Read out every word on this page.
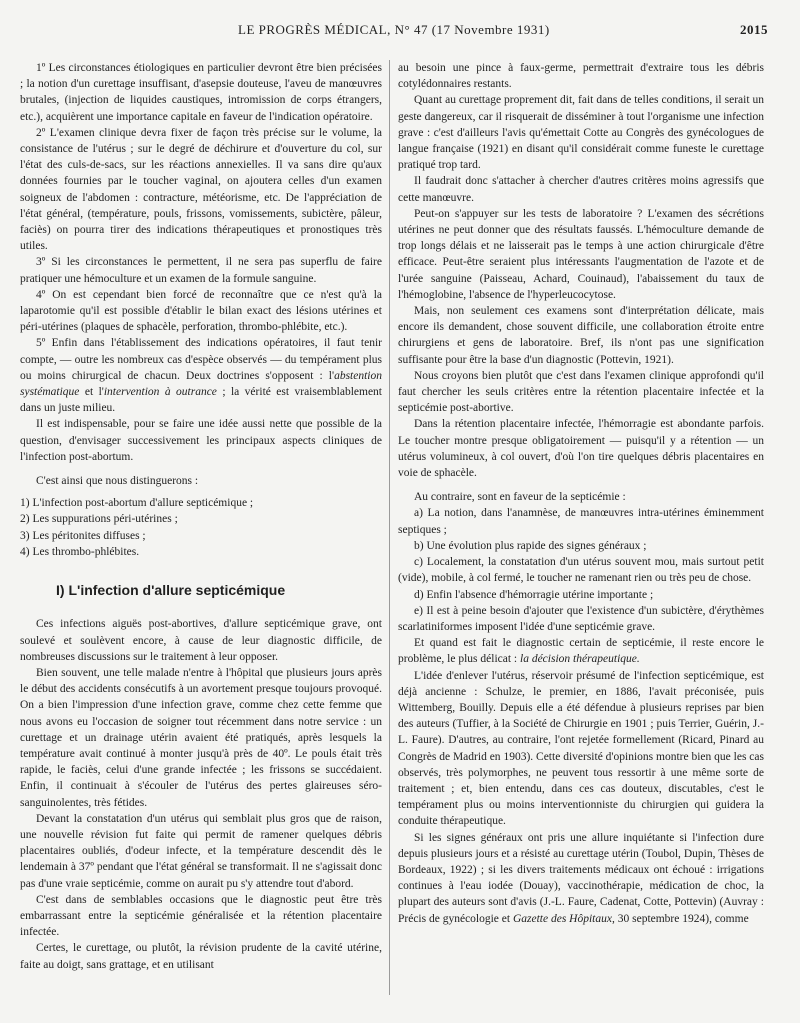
LE PROGRÈS MÉDICAL, N° 47 (17 Novembre 1931)	2015

1º Les circonstances étiologiques en particulier devront être bien précisées ; la notion d'un curettage insuffisant, d'asepsie douteuse, l'aveu de manœuvres brutales, (injection de liquides caustiques, intromission de corps étrangers, etc.), acquièrent une importance capitale en faveur de l'indication opératoire.

2º L'examen clinique devra fixer de façon très précise sur le volume, la consistance de l'utérus ; sur le degré de déchirure et d'ouverture du col, sur l'état des culs-de-sacs, sur les réactions annexielles. Il va sans dire qu'aux données fournies par le toucher vaginal, on ajoutera celles d'un examen soigneux de l'abdomen : contracture, météorisme, etc. De l'appréciation de l'état général, (température, pouls, frissons, vomissements, subictère, pâleur, faciès) on pourra tirer des indications thérapeutiques et pronostiques très utiles.

3º Si les circonstances le permettent, il ne sera pas superflu de faire pratiquer une hémoculture et un examen de la formule sanguine.

4º On est cependant bien forcé de reconnaître que ce n'est qu'à la laparotomie qu'il est possible d'établir le bilan exact des lésions utérines et péri-utérines (plaques de sphacèle, perforation, thrombo-phlébite, etc.).

5º Enfin dans l'établissement des indications opératoires, il faut tenir compte, — outre les nombreux cas d'espèce observés — du tempérament plus ou moins chirurgical de chacun. Deux doctrines s'opposent : l'abstention systématique et l'intervention à outrance ; la vérité est vraisemblablement dans un juste milieu.

Il est indispensable, pour se faire une idée aussi nette que possible de la question, d'envisager successivement les principaux aspects cliniques de l'infection post-abortum.

C'est ainsi que nous distinguerons :

1) L'infection post-abortum d'allure septicémique ;

2) Les suppurations péri-utérines ;

3) Les péritonites diffuses ;

4) Les thrombo-phlébites.

I) L'infection d'allure septicémique

Ces infections aiguës post-abortives, d'allure septicémique grave, ont soulevé et soulèvent encore, à cause de leur diagnostic difficile, de nombreuses discussions sur le traitement à leur opposer.

Bien souvent, une telle malade n'entre à l'hôpital que plusieurs jours après le début des accidents consécutifs à un avortement presque toujours provoqué. On a bien l'impression d'une infection grave, comme chez cette femme que nous avons eu l'occasion de soigner tout récemment dans notre service : un curettage et un drainage utérin avaient été pratiqués, après lesquels la température avait continué à monter jusqu'à près de 40º. Le pouls était très rapide, le faciès, celui d'une grande infectée ; les frissons se succédaient. Enfin, il continuait à s'écouler de l'utérus des pertes glaireuses séro-sanguinolentes, très fétides.

Devant la constatation d'un utérus qui semblait plus gros que de raison, une nouvelle révision fut faite qui permit de ramener quelques débris placentaires oubliés, d'odeur infecte, et la température descendit dès le lendemain à 37º pendant que l'état général se transformait. Il ne s'agissait donc pas d'une vraie septicémie, comme on aurait pu s'y attendre tout d'abord.

C'est dans de semblables occasions que le diagnostic peut être très embarrassant entre la septicémie généralisée et la rétention placentaire infectée.

Certes, le curettage, ou plutôt, la révision prudente de la cavité utérine, faite au doigt, sans grattage, et en utilisant

au besoin une pince à faux-germe, permettrait d'extraire tous les débris cotylédonnaires restants.

Quant au curettage proprement dit, fait dans de telles conditions, il serait un geste dangereux, car il risquerait de disséminer à tout l'organisme une infection grave : c'est d'ailleurs l'avis qu'émettait Cotte au Congrès des gynécologues de langue française (1921) en disant qu'il considérait comme funeste le curettage pratiqué trop tard.

Il faudrait donc s'attacher à chercher d'autres critères moins agressifs que cette manœuvre.

Peut-on s'appuyer sur les tests de laboratoire ? L'examen des sécrétions utérines ne peut donner que des résultats faussés. L'hémoculture demande de trop longs délais et ne laisserait pas le temps à une action chirurgicale d'être efficace. Peut-être seraient plus intéressants l'augmentation de l'azote et de l'urée sanguine (Paisseau, Achard, Couinaud), l'abaissement du taux de l'hémoglobine, l'absence de l'hyperleucocytose.

Mais, non seulement ces examens sont d'interprétation délicate, mais encore ils demandent, chose souvent difficile, une collaboration étroite entre chirurgiens et gens de laboratoire. Bref, ils n'ont pas une signification suffisante pour être la base d'un diagnostic (Pottevin, 1921).

Nous croyons bien plutôt que c'est dans l'examen clinique approfondi qu'il faut chercher les seuls critères entre la rétention placentaire infectée et la septicémie post-abortive.

Dans la rétention placentaire infectée, l'hémorragie est abondante parfois. Le toucher montre presque obligatoirement — puisqu'il y a rétention — un utérus volumineux, à col ouvert, d'où l'on tire quelques débris placentaires en voie de sphacèle.

Au contraire, sont en faveur de la septicémie :

a) La notion, dans l'anamnèse, de manœuvres intra-utérines éminemment septiques ;

b) Une évolution plus rapide des signes généraux ;

c) Localement, la constatation d'un utérus souvent mou, mais surtout petit (vide), mobile, à col fermé, le toucher ne ramenant rien ou très peu de chose.

d) Enfin l'absence d'hémorragie utérine importante ;

e) Il est à peine besoin d'ajouter que l'existence d'un subictère, d'érythèmes scarlatiniformes imposent l'idée d'une septicémie grave.

Et quand est fait le diagnostic certain de septicémie, il reste encore le problème, le plus délicat : la décision thérapeutique.

L'idée d'enlever l'utérus, réservoir présumé de l'infection septicémique, est déjà ancienne : Schulze, le premier, en 1886, l'avait préconisée, puis Wittemberg, Bouilly. Depuis elle a été défendue à plusieurs reprises par bien des auteurs (Tuffier, à la Société de Chirurgie en 1901 ; puis Terrier, Guérin, J.-L. Faure). D'autres, au contraire, l'ont rejetée formellement (Ricard, Pinard au Congrès de Madrid en 1903). Cette diversité d'opinions montre bien que les cas observés, très polymorphes, ne peuvent tous ressortir à une même sorte de traitement ; et, bien entendu, dans ces cas douteux, discutables, c'est le tempérament plus ou moins interventionniste du chirurgien qui guidera la conduite thérapeutique.

Si les signes généraux ont pris une allure inquiétante si l'infection dure depuis plusieurs jours et a résisté au curettage utérin (Toubol, Dupin, Thèses de Bordeaux, 1922) ; si les divers traitements médicaux ont échoué : irrigations continues à l'eau iodée (Douay), vaccinothérapie, médication de choc, la plupart des auteurs sont d'avis (J.-L. Faure, Cadenat, Cotte, Pottevin) (Auvray : Précis de gynécologie et Gazette des Hôpitaux, 30 septembre 1924), comme
